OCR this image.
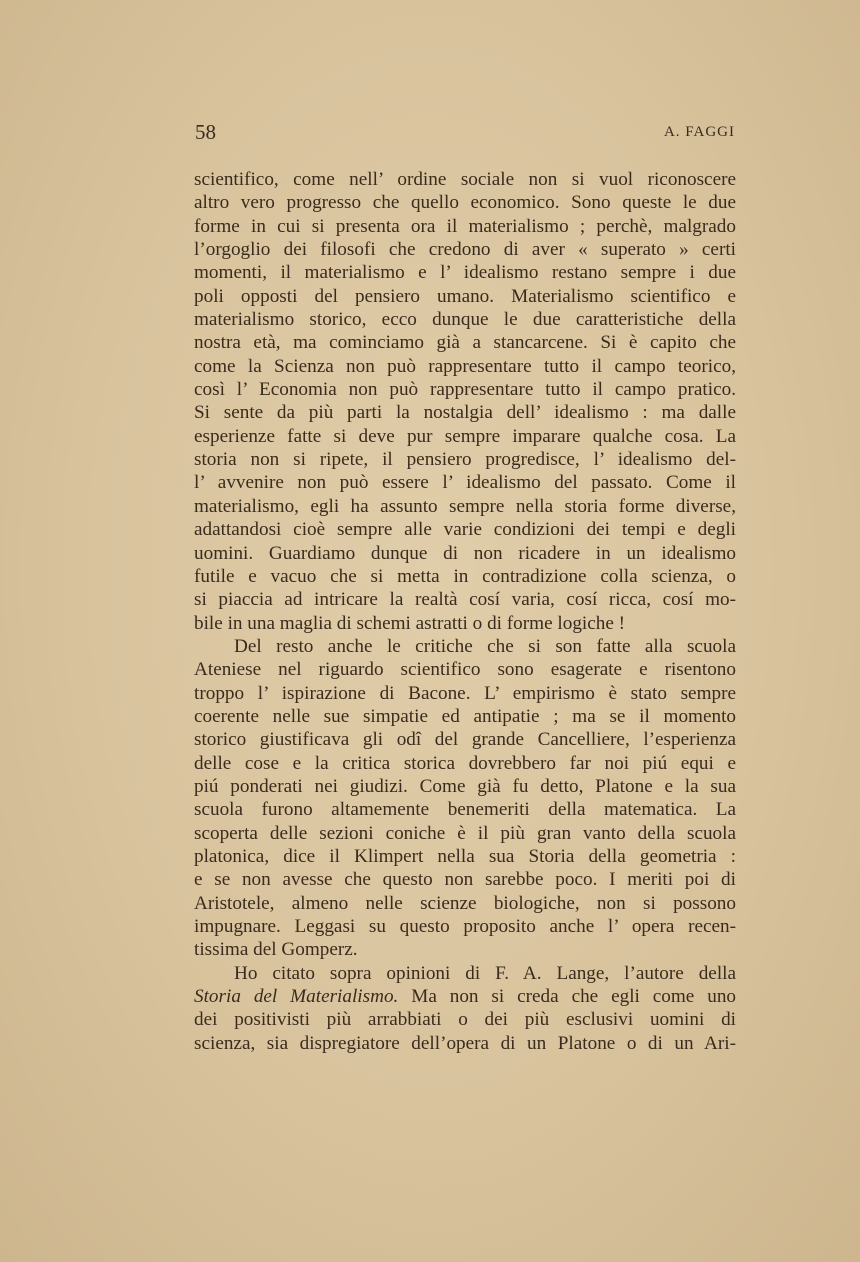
58	A. FAGGI
scientifico, come nell’ ordine sociale non si vuol riconoscere
altro vero progresso che quello economico. Sono queste le due
forme in cui si presenta ora il materialismo ; perchè, malgrado
l’orgoglio dei filosofi che credono di aver « superato » certi
momenti, il materialismo e l’ idealismo restano sempre i due
poli opposti del pensiero umano. Materialismo scientifico e
materialismo storico, ecco dunque le due caratteristiche della
nostra età, ma cominciamo già a stancarcene. Si è capito che
come la Scienza non può rappresentare tutto il campo teorico,
così l’ Economia non può rappresentare tutto il campo pratico.
Si sente da più parti la nostalgia dell’ idealismo : ma dalle
esperienze fatte si deve pur sempre imparare qualche cosa. La
storia non si ripete, il pensiero progredisce, l’ idealismo del-
l’ avvenire non può essere l’ idealismo del passato. Come il
materialismo, egli ha assunto sempre nella storia forme diverse,
adattandosi cioè sempre alle varie condizioni dei tempi e degli
uomini. Guardiamo dunque di non ricadere in un idealismo
futile e vacuo che si metta in contradizione colla scienza, o
si piaccia ad intricare la realtà cosí varia, cosí ricca, cosí mo-
bile in una maglia di schemi astratti o di forme logiche !
Del resto anche le critiche che si son fatte alla scuola
Ateniese nel riguardo scientifico sono esagerate e risentono
troppo l’ ispirazione di Bacone. L’ empirismo è stato sempre
coerente nelle sue simpatie ed antipatie ; ma se il momento
storico giustificava gli odî del grande Cancelliere, l’esperienza
delle cose e la critica storica dovrebbero far noi piú equi e
piú ponderati nei giudizi. Come già fu detto, Platone e la sua
scuola furono altamemente benemeriti della matematica. La
scoperta delle sezioni coniche è il più gran vanto della scuola
platonica, dice il Klimpert nella sua Storia della geometria :
e se non avesse che questo non sarebbe poco. I meriti poi di
Aristotele, almeno nelle scienze biologiche, non si possono
impugnare. Leggasi su questo proposito anche l’ opera recen-
tissima del Gomperz.
Ho citato sopra opinioni di F. A. Lange, l’autore della
Storia del Materialismo. Ma non si creda che egli come uno
dei positivisti più arrabbiati o dei più esclusivi uomini di
scienza, sia dispregiatore dell’opera di un Platone o di un Ari-
